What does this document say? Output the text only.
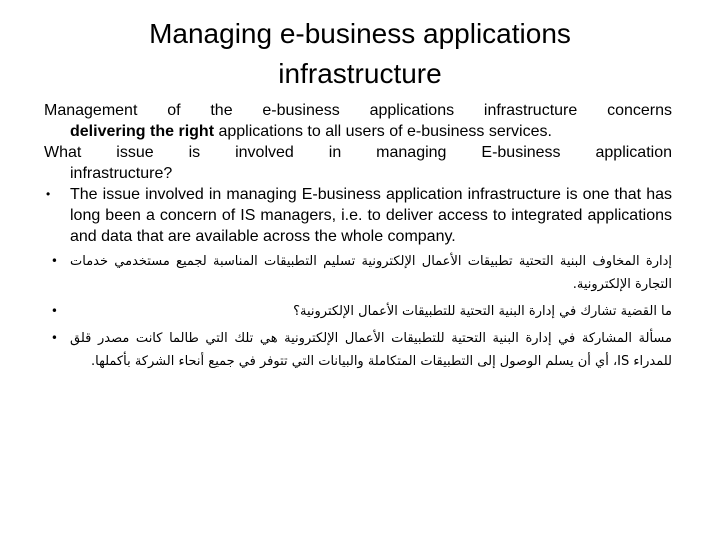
Managing e-business applications
infrastructure
Management of the e-business applications infrastructure concerns
delivering the right applications to all users of e-business services.
What issue is involved in managing E-business application
infrastructure?
•	The issue involved in managing E-business application infrastructure is one that has long been a concern of IS managers, i.e. to deliver access to integrated applications and data that are available across the whole company.
• إدارة المخاوف البنية التحتية تطبيقات الأعمال الإلكترونية تسليم التطبيقات المناسبة لجميع مستخدمي خدمات التجارة الإلكترونية.
•	ما القضية تشارك في إدارة البنية التحتية للتطبيقات الأعمال الإلكترونية؟
• مسألة المشاركة في إدارة البنية التحتية للتطبيقات الأعمال الإلكترونية هي تلك التي طالما كانت مصدر قلق للمدراء IS، أي أن يسلم الوصول إلى التطبيقات المتكاملة والبيانات التي تتوفر في جميع أنحاء الشركة بأكملها.
